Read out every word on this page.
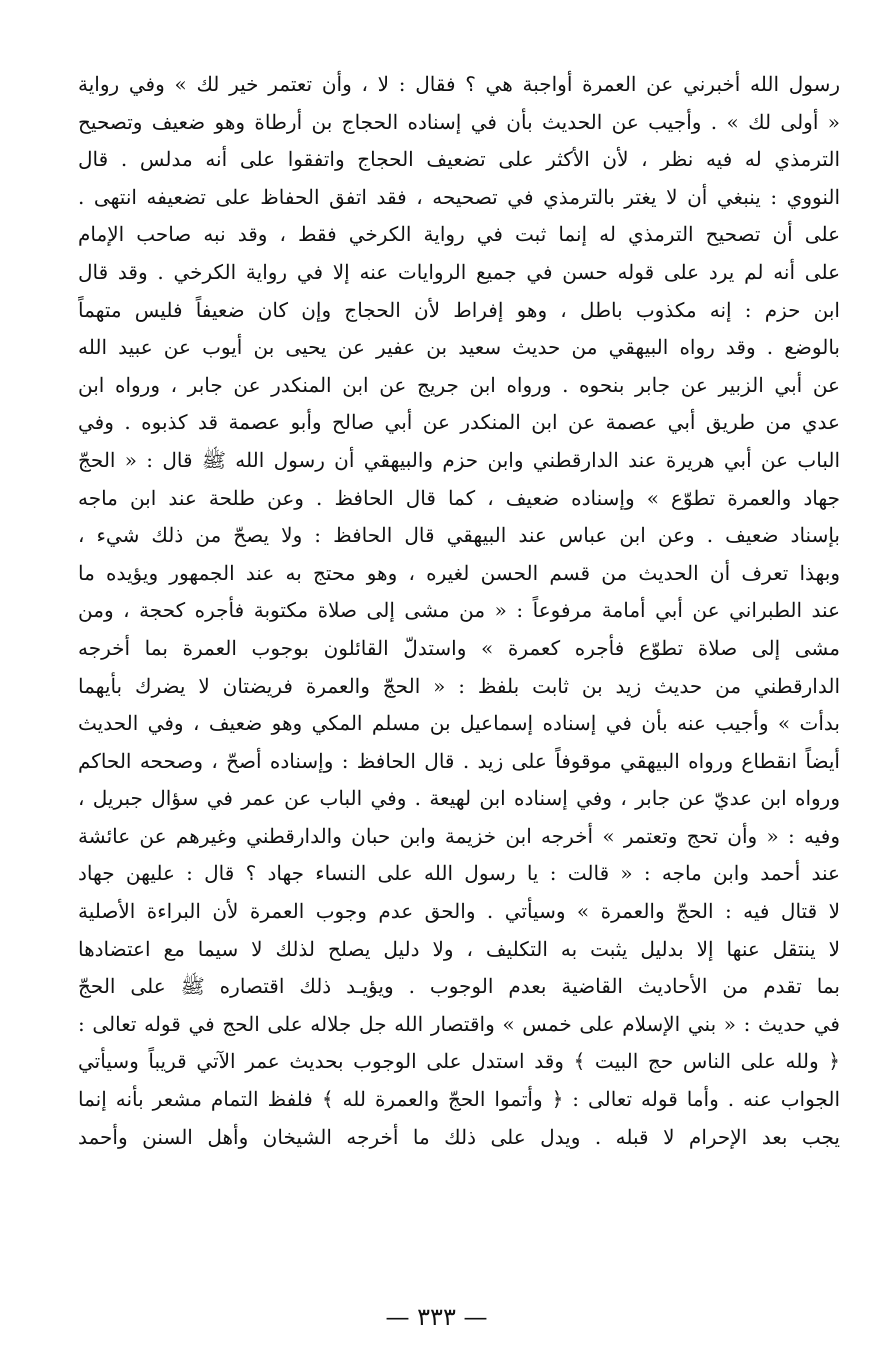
رسول الله أخبرني عن العمرة أواجبة هي ؟ فقال : لا ، وأن تعتمر خير لك » وفي رواية
« أولى لك » . وأجيب عن الحديث بأن في إسناده الحجاج بن أرطاة وهو ضعيف وتصحيح
الترمذي له فيه نظر ، لأن الأكثر على تضعيف الحجاج واتفقوا على أنه مدلس . قال
النووي : ينبغي أن لا يغتر بالترمذي في تصحيحه ، فقد اتفق الحفاظ على تضعيفه انتهى .
على أن تصحيح الترمذي له إنما ثبت في رواية الكرخي فقط ، وقد نبه صاحب الإمام
على أنه لم يرد على قوله حسن في جميع الروايات عنه إلا في رواية الكرخي . وقد قال
ابن حزم : إنه مكذوب باطل ، وهو إفراط لأن الحجاج وإن كان ضعيفاً فليس متهماً
بالوضع . وقد رواه البيهقي من حديث سعيد بن عفير عن يحيى بن أيوب عن عبيد الله
عن أبي الزبير عن جابر بنحوه . ورواه ابن جريج عن ابن المنكدر عن جابر ، ورواه ابن
عدي من طريق أبي عصمة عن ابن المنكدر عن أبي صالح وأبو عصمة قد كذبوه . وفي
الباب عن أبي هريرة عند الدارقطني وابن حزم والبيهقي أن رسول الله ﷺ قال : « الحجّ
جهاد والعمرة تطوّع » وإسناده ضعيف ، كما قال الحافظ . وعن طلحة عند ابن ماجه
بإسناد ضعيف . وعن ابن عباس عند البيهقي قال الحافظ : ولا يصحّ من ذلك شيء ،
وبهذا تعرف أن الحديث من قسم الحسن لغيره ، وهو محتج به عند الجمهور ويؤيده ما
عند الطبراني عن أبي أمامة مرفوعاً : « من مشى إلى صلاة مكتوبة فأجره كحجة ، ومن
مشى إلى صلاة تطوّع فأجره كعمرة » واستدلّ القائلون بوجوب العمرة بما أخرجه
الدارقطني من حديث زيد بن ثابت بلفظ : « الحجّ والعمرة فريضتان لا يضرك بأيهما
بدأت » وأجيب عنه بأن في إسناده إسماعيل بن مسلم المكي وهو ضعيف ، وفي الحديث
أيضاً انقطاع ورواه البيهقي موقوفاً على زيد . قال الحافظ : وإسناده أصحّ ، وصححه الحاكم
ورواه ابن عديّ عن جابر ، وفي إسناده ابن لهيعة . وفي الباب عن عمر في سؤال جبريل ،
وفيه : « وأن تحج وتعتمر » أخرجه ابن خزيمة وابن حبان والدارقطني وغيرهم عن عائشة
عند أحمد وابن ماجه : « قالت : يا رسول الله على النساء جهاد ؟ قال : عليهن جهاد
لا قتال فيه : الحجّ والعمرة » وسيأتي . والحق عدم وجوب العمرة لأن البراءة الأصلية
لا ينتقل عنها إلا بدليل يثبت به التكليف ، ولا دليل يصلح لذلك لا سيما مع اعتضادها
بما تقدم من الأحاديث القاضية بعدم الوجوب . ويؤيـد ذلك اقتصاره ﷺ على الحجّ
في حديث : « بني الإسلام على خمس » واقتصار الله جل جلاله على الحج في قوله تعالى :
﴿ ولله على الناس حج البيت ﴾ وقد استدل على الوجوب بحديث عمر الآتي قريباً وسيأتي
الجواب عنه . وأما قوله تعالى : ﴿ وأتموا الحجّ والعمرة لله ﴾ فلفظ التمام مشعر بأنه إنما
يجب بعد الإحرام لا قبله . ويدل على ذلك ما أخرجه الشيخان وأهل السنن وأحمد
— ٣٣٣ —
